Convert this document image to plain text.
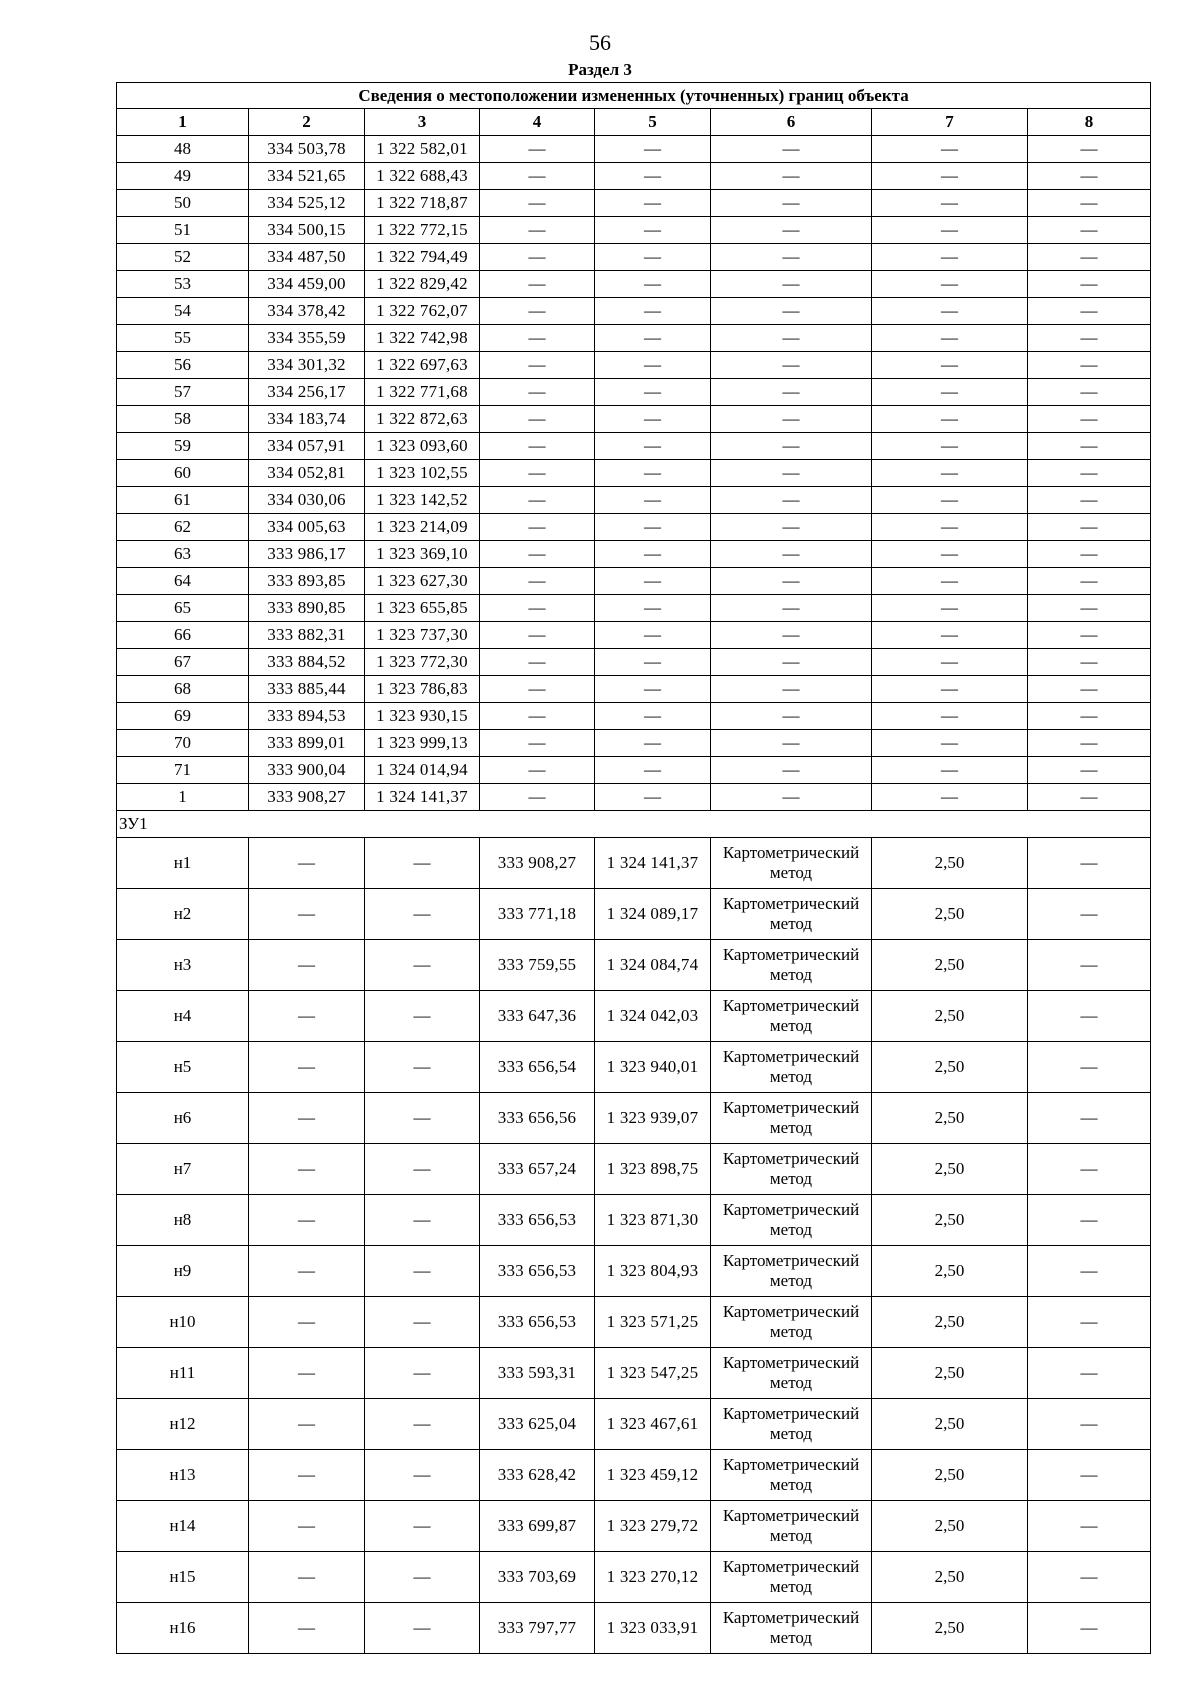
56
Раздел 3
Сведения о местоположении измененных (уточненных) границ объекта							
1	2	3	4	5	6	7	8
48	334 503,78	1 322 582,01	—	—	—	—	—
49	334 521,65	1 322 688,43	—	—	—	—	—
50	334 525,12	1 322 718,87	—	—	—	—	—
51	334 500,15	1 322 772,15	—	—	—	—	—
52	334 487,50	1 322 794,49	—	—	—	—	—
53	334 459,00	1 322 829,42	—	—	—	—	—
54	334 378,42	1 322 762,07	—	—	—	—	—
55	334 355,59	1 322 742,98	—	—	—	—	—
56	334 301,32	1 322 697,63	—	—	—	—	—
57	334 256,17	1 322 771,68	—	—	—	—	—
58	334 183,74	1 322 872,63	—	—	—	—	—
59	334 057,91	1 323 093,60	—	—	—	—	—
60	334 052,81	1 323 102,55	—	—	—	—	—
61	334 030,06	1 323 142,52	—	—	—	—	—
62	334 005,63	1 323 214,09	—	—	—	—	—
63	333 986,17	1 323 369,10	—	—	—	—	—
64	333 893,85	1 323 627,30	—	—	—	—	—
65	333 890,85	1 323 655,85	—	—	—	—	—
66	333 882,31	1 323 737,30	—	—	—	—	—
67	333 884,52	1 323 772,30	—	—	—	—	—
68	333 885,44	1 323 786,83	—	—	—	—	—
69	333 894,53	1 323 930,15	—	—	—	—	—
70	333 899,01	1 323 999,13	—	—	—	—	—
71	333 900,04	1 324 014,94	—	—	—	—	—
1	333 908,27	1 324 141,37	—	—	—	—	—
ЗУ1							
н1	—	—	333 908,27	1 324 141,37	Картометрический метод	2,50	—
н2	—	—	333 771,18	1 324 089,17	Картометрический метод	2,50	—
н3	—	—	333 759,55	1 324 084,74	Картометрический метод	2,50	—
н4	—	—	333 647,36	1 324 042,03	Картометрический метод	2,50	—
н5	—	—	333 656,54	1 323 940,01	Картометрический метод	2,50	—
н6	—	—	333 656,56	1 323 939,07	Картометрический метод	2,50	—
н7	—	—	333 657,24	1 323 898,75	Картометрический метод	2,50	—
н8	—	—	333 656,53	1 323 871,30	Картометрический метод	2,50	—
н9	—	—	333 656,53	1 323 804,93	Картометрический метод	2,50	—
н10	—	—	333 656,53	1 323 571,25	Картометрический метод	2,50	—
н11	—	—	333 593,31	1 323 547,25	Картометрический метод	2,50	—
н12	—	—	333 625,04	1 323 467,61	Картометрический метод	2,50	—
н13	—	—	333 628,42	1 323 459,12	Картометрический метод	2,50	—
н14	—	—	333 699,87	1 323 279,72	Картометрический метод	2,50	—
н15	—	—	333 703,69	1 323 270,12	Картометрический метод	2,50	—
н16	—	—	333 797,77	1 323 033,91	Картометрический метод	2,50	—
